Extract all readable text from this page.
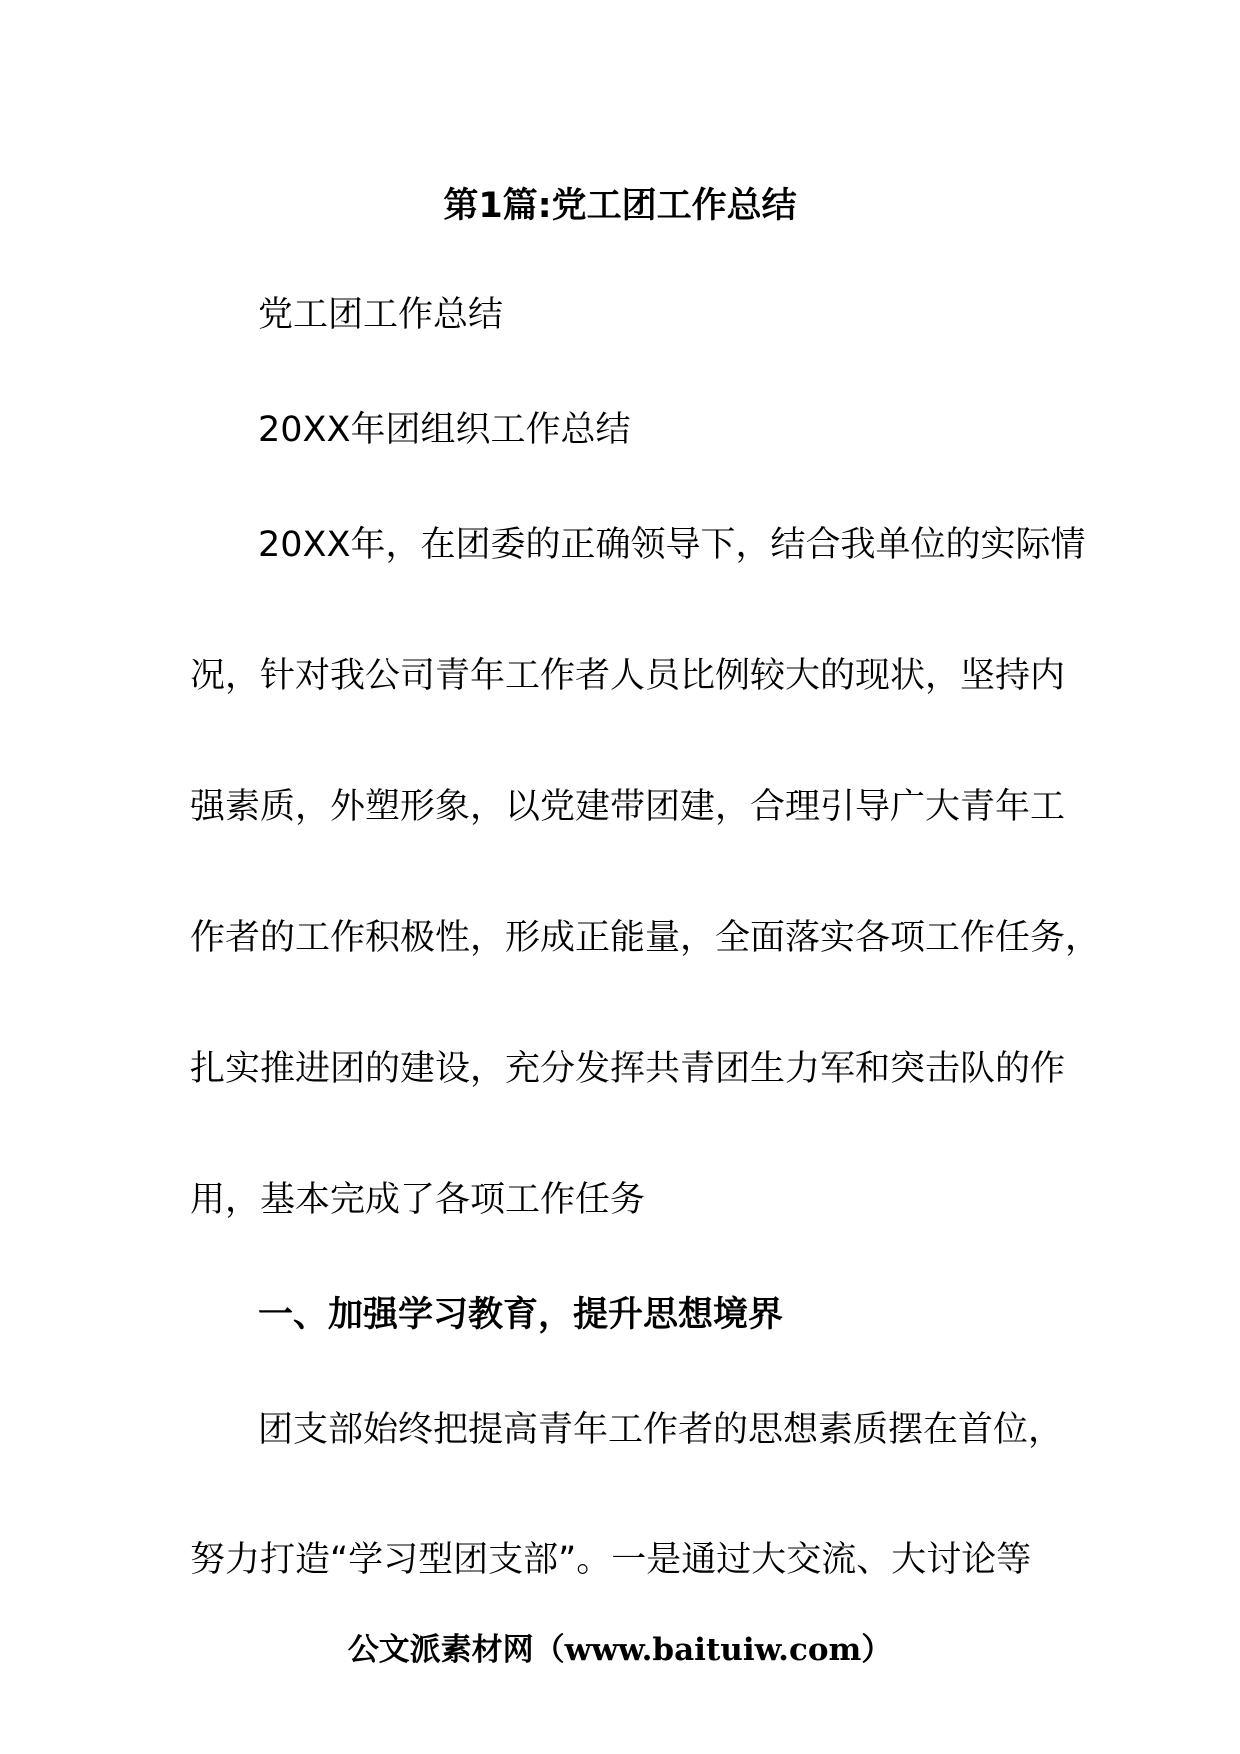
第1篇:党工团工作总结
党工团工作总结
20XX年团组织工作总结
20XX年，在团委的正确领导下，结合我单位的实际情
况，针对我公司青年工作者人员比例较大的现状，坚持内
强素质，外塑形象，以党建带团建，合理引导广大青年工
作者的工作积极性，形成正能量，全面落实各项工作任务，
扎实推进团的建设，充分发挥共青团生力军和突击队的作
用，基本完成了各项工作任务
一、加强学习教育，提升思想境界
团支部始终把提高青年工作者的思想素质摆在首位，
努力打造“学习型团支部”。一是通过大交流、大讨论等
公文派素材网（www.baituiw.com）
